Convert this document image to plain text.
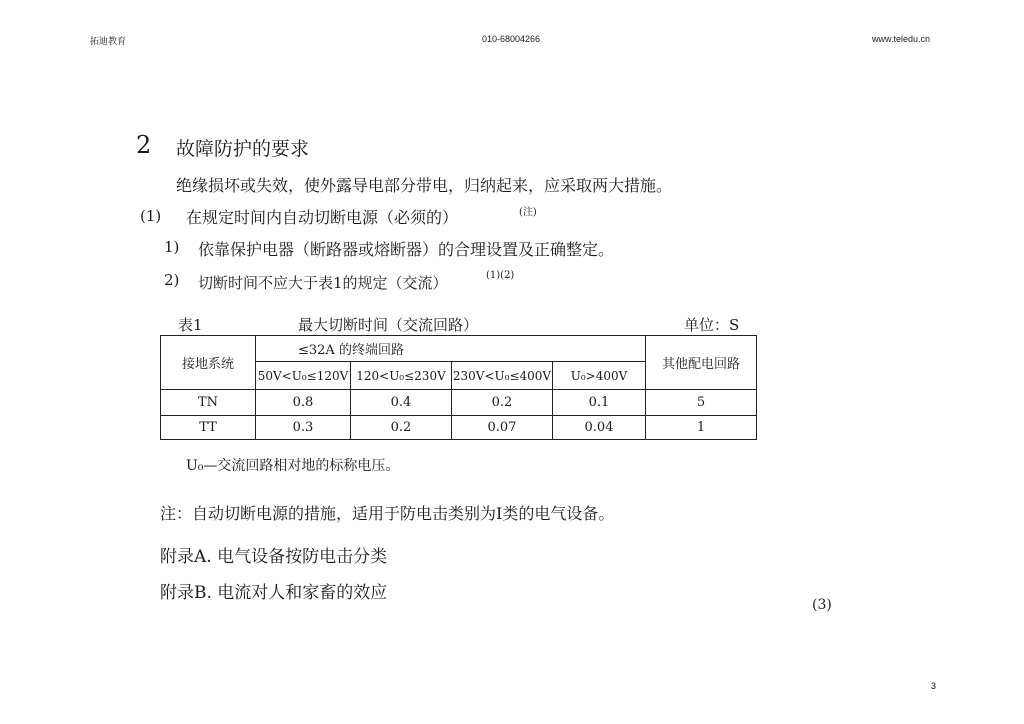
拓迪教育	010-68004266	www.teledu.cn
2 故障防护的要求
绝缘损坏或失效，使外露导电部分带电，归纳起来，应采取两大措施。
(1) 在规定时间内自动切断电源（必须的）	(注)
1) 依靠保护电器（断路器或熔断器）的合理设置及正确整定。
2) 切断时间不应大于表1的规定（交流）	(1)(2)
表1	最大切断时间（交流回路）	单位：S
接地系统	≤32A 的终端回路				其他配电回路
	50V<U₀≤120V	120<U₀≤230V	230V<U₀≤400V	U₀>400V	
TN	0.8	0.4	0.2	0.1	5
TT	0.3	0.2	0.07	0.04	1
U₀—交流回路相对地的标称电压。
注：自动切断电源的措施，适用于防电击类别为Ⅰ类的电气设备。
附录A. 电气设备按防电击分类
附录B. 电流对人和家畜的效应
(3)
3
